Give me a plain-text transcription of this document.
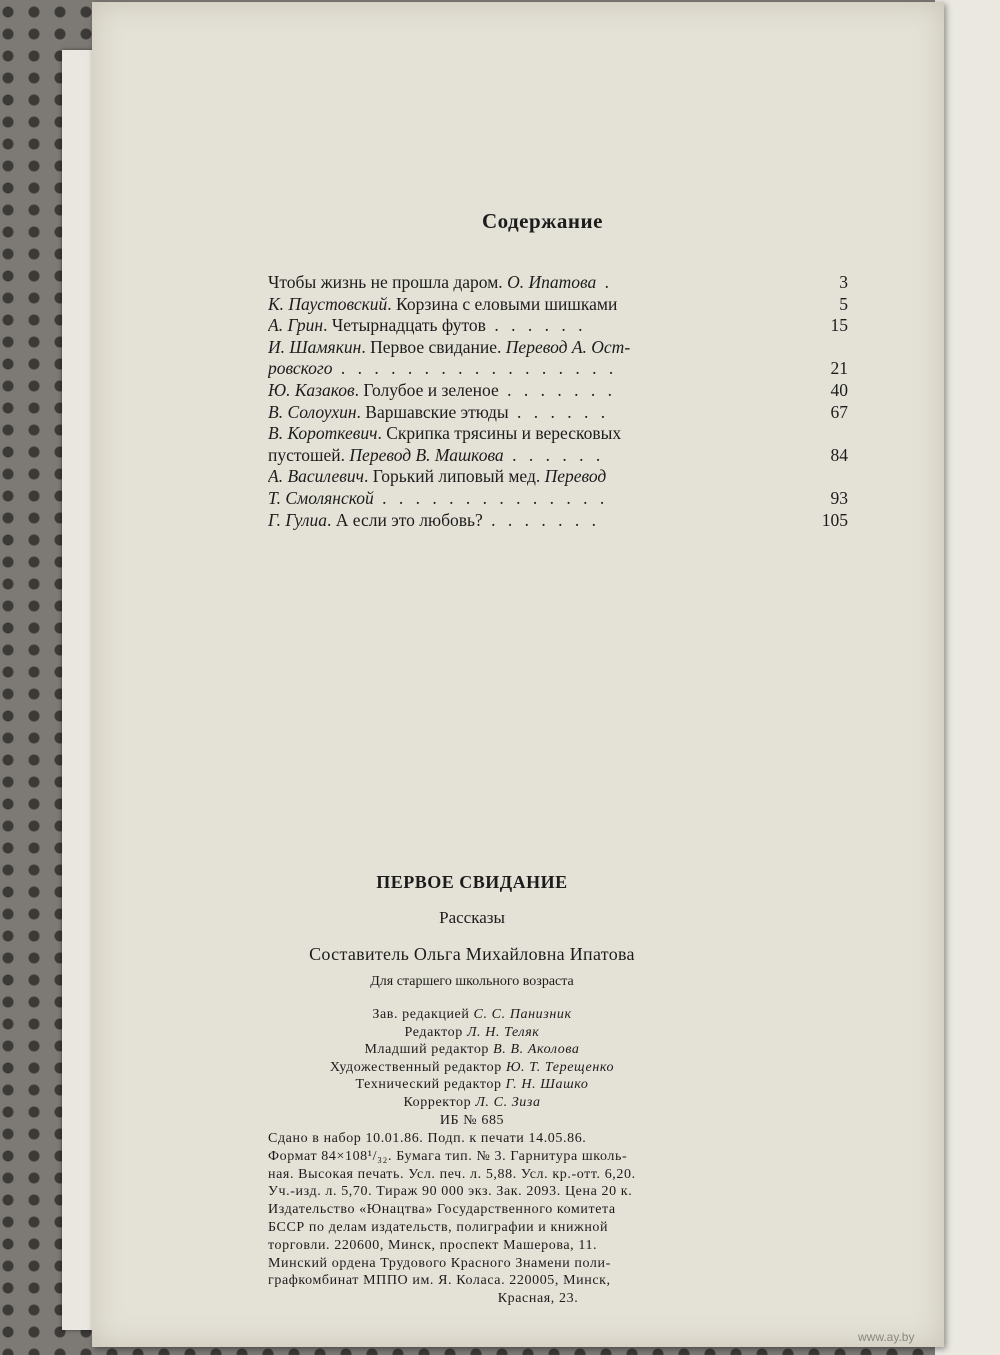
Содержание
Чтобы жизнь не прошла даром. О. Ипатова .	3
К. Паустовский. Корзина с еловыми шишками	5
А. Грин. Четырнадцать футов . . . . . .	15
И. Шамякин. Первое свидание. Перевод А. Ост-
ровского . . . . . . . . . . . . . . . . .	21
Ю. Казаков. Голубое и зеленое . . . . . . .	40
В. Солоухин. Варшавские этюды . . . . . .	67
В. Короткевич. Скрипка трясины и вересковых
пустошей. Перевод В. Машкова . . . . . .	84
А. Василевич. Горький липовый мед. Перевод
Т. Смолянской . . . . . . . . . . . . . .	93
Г. Гулиа. А если это любовь? . . . . . . .	105
ПЕРВОЕ СВИДАНИЕ
Рассказы
Составитель Ольга Михайловна Ипатова
Для старшего школьного возраста
Зав. редакцией С. С. Панизник
Редактор Л. Н. Теляк
Младший редактор В. В. Аколова
Художественный редактор Ю. Т. Терещенко
Технический редактор Г. Н. Шашко
Корректор Л. С. Зиза
ИБ № 685
Сдано в набор 10.01.86. Подп. к печати 14.05.86.
Формат 84×108¹/₃₂. Бумага тип. № 3. Гарнитура школь-
ная. Высокая печать. Усл. печ. л. 5,88. Усл. кр.-отт. 6,20.
Уч.-изд. л. 5,70. Тираж 90 000 экз. Зак. 2093. Цена 20 к.
Издательство «Юнацтва» Государственного комитета
БССР по делам издательств, полиграфии и книжной
торговли. 220600, Минск, проспект Машерова, 11.
Минский ордена Трудового Красного Знамени поли-
графкомбинат МППО им. Я. Коласа. 220005, Минск,
Красная, 23.
www.ay.by
